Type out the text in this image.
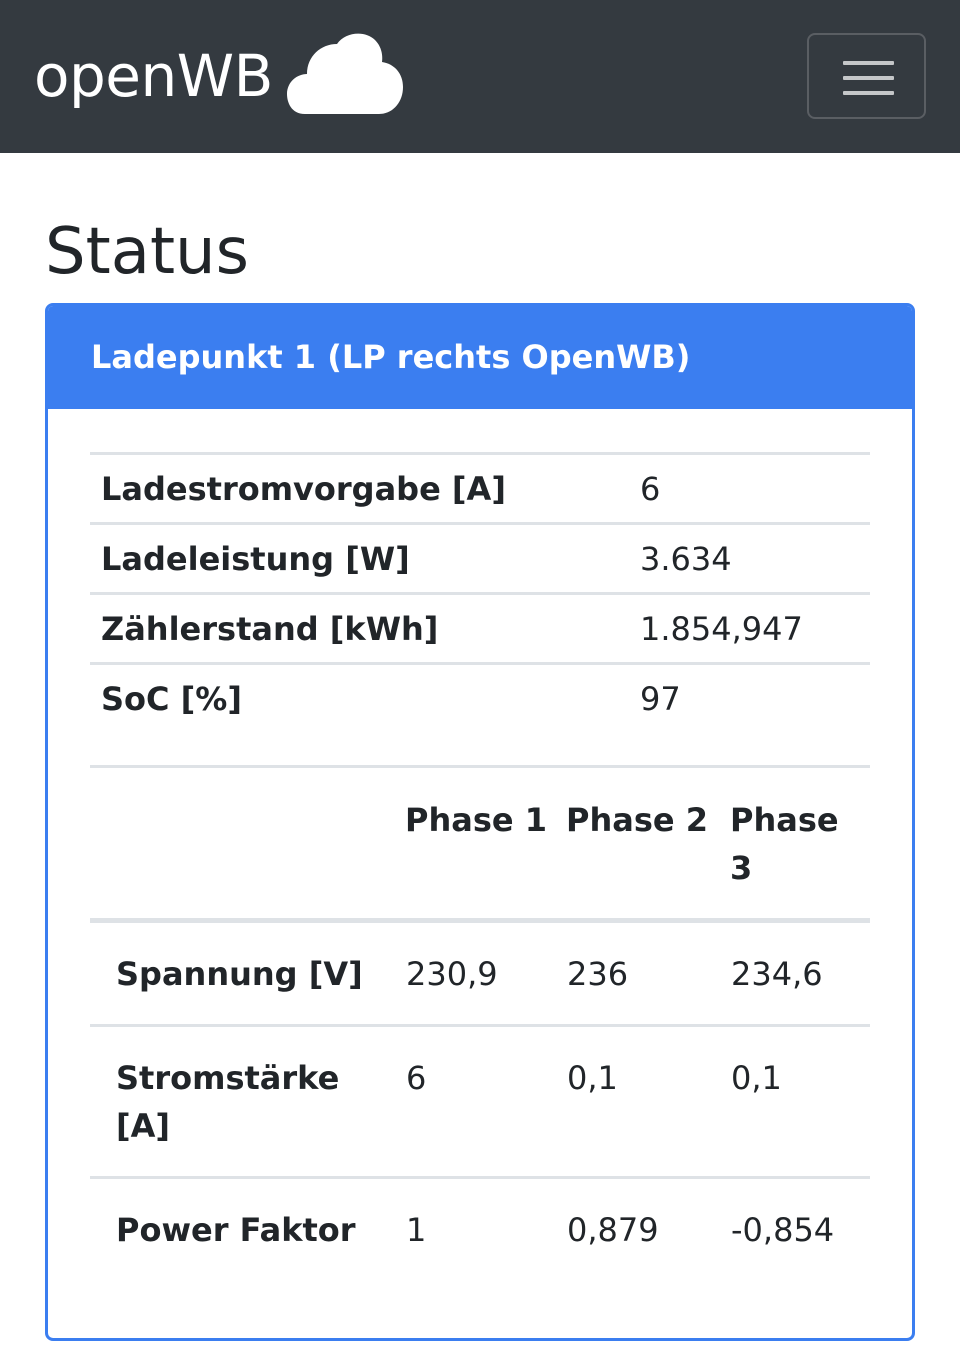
openWB
Status
Ladepunkt 1 (LP rechts OpenWB)
Ladestromvorgabe [A]	6
Ladeleistung [W]	3.634
Zählerstand [kWh]	1.854,947
SoC [%]	97
	Phase 1	Phase 2	Phase 3
Spannung [V]	230,9	236	234,6
Stromstärke [A]	6	0,1	0,1
Power Faktor	1	0,879	-0,854
